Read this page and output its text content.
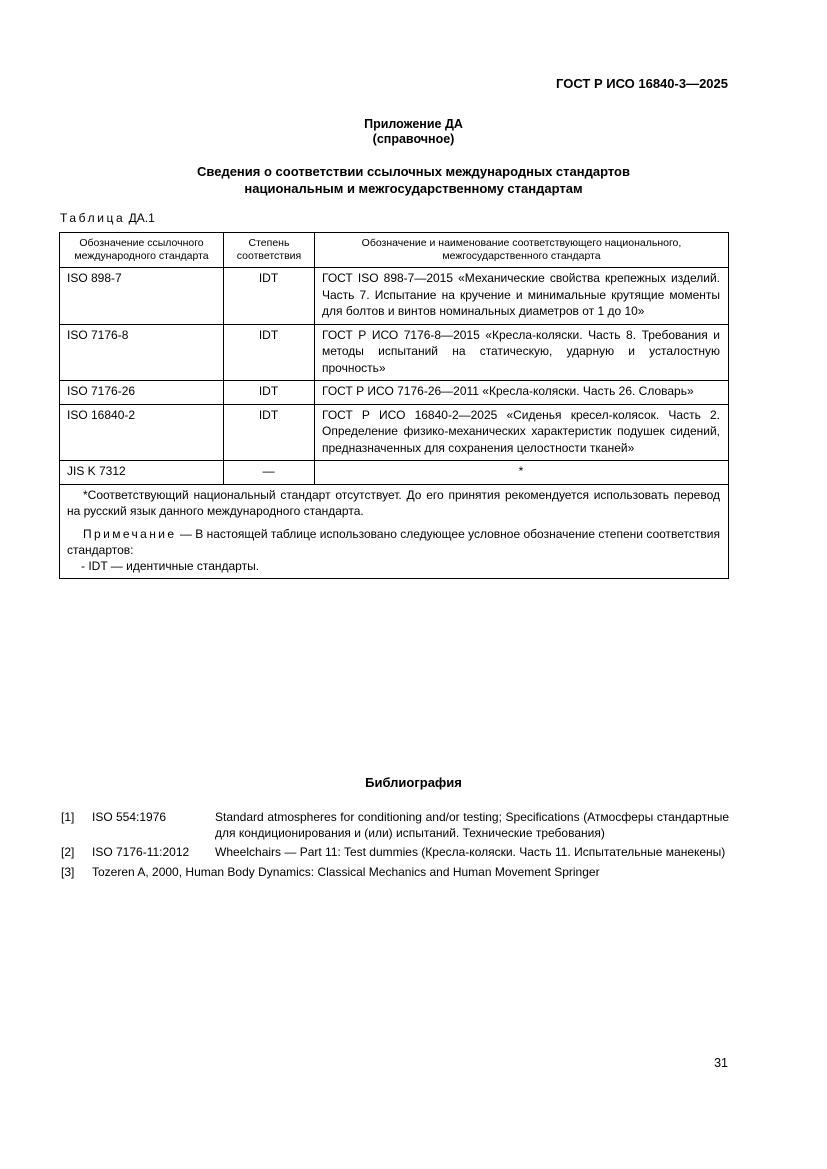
ГОСТ Р ИСО 16840-3—2025
Приложение ДА
(справочное)
Сведения о соответствии ссылочных международных стандартов
национальным и межгосударственному стандартам
Таблица ДА.1
Обозначение ссылочного международного стандарта	Степень соответствия	Обозначение и наименование соответствующего национального, межгосударственного стандарта
ISO 898-7	IDT	ГОСТ ISO 898-7—2015 «Механические свойства крепежных изделий. Часть 7. Испытание на кручение и минимальные крутящие моменты для болтов и винтов номинальных диаметров от 1 до 10»
ISO 7176-8	IDT	ГОСТ Р ИСО 7176-8—2015 «Кресла-коляски. Часть 8. Требования и методы испытаний на статическую, ударную и усталостную прочность»
ISO 7176-26	IDT	ГОСТ Р ИСО 7176-26—2011 «Кресла-коляски. Часть 26. Словарь»
ISO 16840-2	IDT	ГОСТ Р ИСО 16840-2—2025 «Сиденья кресел-колясок. Часть 2. Определение физико-механических характеристик подушек сидений, предназначенных для сохранения целостности тканей»
JIS K 7312	—	*

*Соответствующий национальный стандарт отсутствует. До его принятия рекомендуется использовать перевод на русский язык данного международного стандарта.

Примечание — В настоящей таблице использовано следующее условное обозначение степени соответствия стандартов:

- IDT — идентичные стандарты.		

Библиография
[1] ISO 554:1976	Standard atmospheres for conditioning and/or testing; Specifications (Атмосферы стандартные для кондиционирования и (или) испытаний. Технические требования)
[2] ISO 7176-11:2012 Wheelchairs — Part 11: Test dummies (Кресла-коляски. Часть 11. Испытательные манекены)
[3] Tozeren A, 2000, Human Body Dynamics: Classical Mechanics and Human Movement Springer
31
